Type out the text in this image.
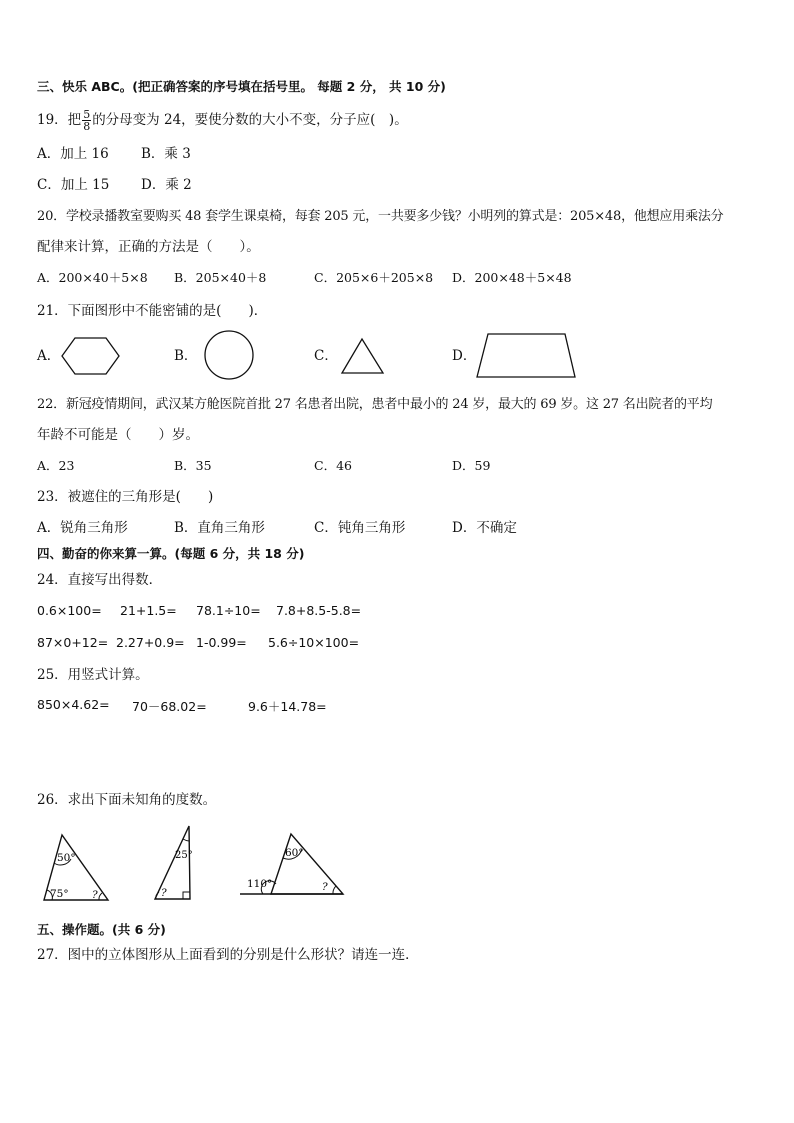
三、快乐 ABC。(把正确答案的序号填在括号里。 每题 2 分， 共 10 分)
19．把 $\frac{5}{8}$ 的分母变为 24，要使分数的大小不变，分子应(　)。
A．加上 16 B．乘 3
C．加上 15 D．乘 2
20．学校录播教室要购买 48 套学生课桌椅，每套 205 元，一共要多少钱？小明列的算式是：205×48，他想应用乘法分
配律来计算，正确的方法是（　　）。
A．200×40＋5×8 B．205×40＋8	C．205×6＋205×8 D．200×48＋5×48
21．下面图形中不能密铺的是(　　)．
A．	B．	C．	D．
22．新冠疫情期间，武汉某方舱医院首批 27 名患者出院，患者中最小的 24 岁，最大的 69 岁。这 27 名出院者的平均
年龄不可能是（　　）岁。
A．23	B．35	C．46	D．59
23．被遮住的三角形是(　　)
A．锐角三角形	B．直角三角形	C．钝角三角形	D．不确定
四、勤奋的你来算一算。(每题 6 分，共 18 分)
24．直接写出得数．
0.6×100= 21+1.5= 78.1÷10= 7.8+8.5-5.8=
87×0+12= 2.27+0.9= 1-0.99= 5.6÷10×100=
25．用竖式计算。
850×4.62= 70－68.02=	9.6＋14.78=
26．求出下面未知角的度数。
50°
75° ?
25°
?
60°
110°	?
五、操作题。(共 6 分)
27．图中的立体图形从上面看到的分别是什么形状？请连一连．
